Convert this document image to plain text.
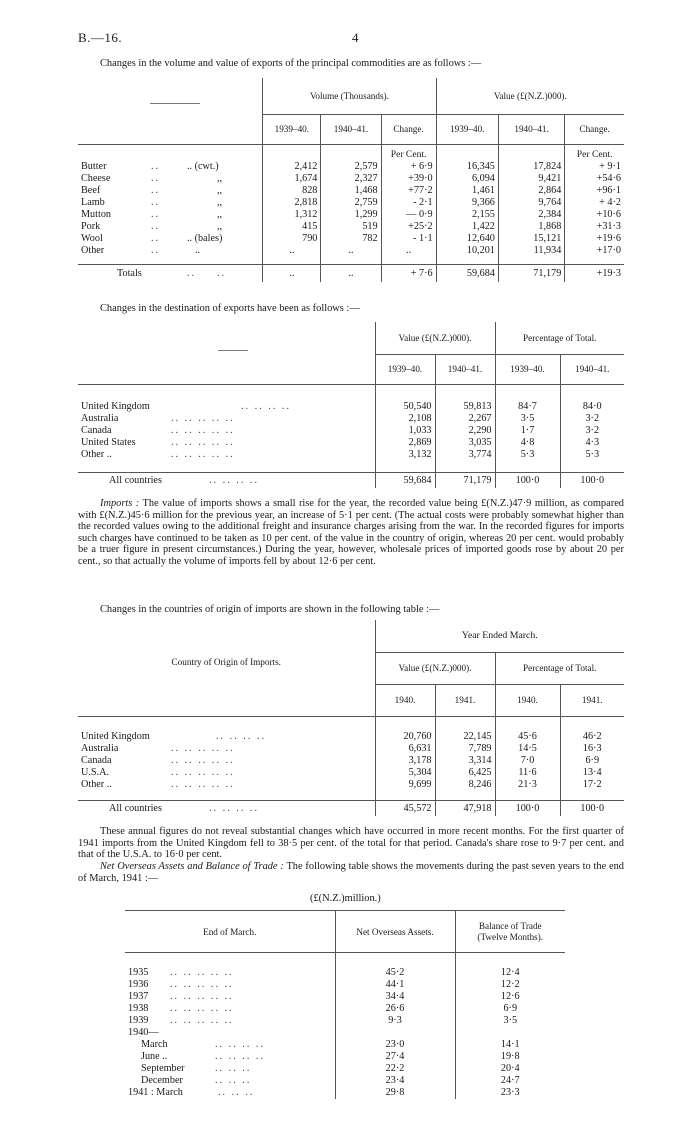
B.—16.	4
Changes in the volume and value of exports of the principal commodities are as follows :—
	Volume (Thousands).			Value (£(N.Z.)000).		
	1939–40.	1940–41.	Change.	1939–40.	1940–41.	Change.
			Per Cent.			Per Cent.
Butter .. .. (cwt.)	2,412	2,579	+ 6·9	16,345	17,824	+ 9·1
Cheese .. ,,	1,674	2,327	+39·0	6,094	9,421	+54·6
Beef .. ,,	828	1,468	+77·2	1,461	2,864	+96·1
Lamb .. ,,	2,818	2,759	- 2·1	9,366	9,764	+ 4·2
Mutton .. ,,	1,312	1,299	— 0·9	2,155	2,384	+10·6
Pork .. ,,	415	519	+25·2	1,422	1,868	+31·3
Wool .. .. (bales)	790	782	- 1·1	12,640	15,121	+19·6
Other .. ..	..	..	..	10,201	11,934	+17·0

Totals .. ..	..	..	+ 7·6	59,684	71,179	+19·3
Changes in the destination of exports have been as follows :—
	Value (£(N.Z.)000).		Percentage of Total.	
	1939–40.	1940–41.	1939–40.	1940–41.

United Kingdom .. .. .. ..	50,540	59,813	84·7	84·0
Australia .. .. .. .. ..	2,108	2,267	3·5	3·2
Canada .. .. .. .. ..	1,033	2,290	1·7	3·2
United States .. .. .. .. ..	2,869	3,035	4·8	4·3
Other .. .. .. .. .. ..	3,132	3,774	5·3	5·3

All countries .. .. .. ..	59,684	71,179	100·0	100·0
Imports : The value of imports shows a small rise for the year, the recorded value being £(N.Z.)47·9 million, as compared with £(N.Z.)45·6 million for the previous year, an increase of 5·1 per cent. (The actual costs were probably somewhat higher than the recorded values owing to the additional freight and insurance charges arising from the war. In the recorded figures for imports such charges have continued to be taken as 10 per cent. of the value in the country of origin, whereas 20 per cent. would probably be a truer figure in present circumstances.) During the year, however, wholesale prices of imported goods rose by about 20 per cent., so that actually the volume of imports fell by about 12·6 per cent.
Changes in the countries of origin of imports are shown in the following table :—
Country of Origin of Imports.	Year Ended March.			
	Value (£(N.Z.)000).		Percentage of Total.	
	1940.	1941.	1940.	1941.

United Kingdom .. .. .. ..	20,760	22,145	45·6	46·2
Australia .. .. .. .. ..	6,631	7,789	14·5	16·3
Canada .. .. .. .. ..	3,178	3,314	7·0	6·9
U.S.A. .. .. .. .. ..	5,304	6,425	11·6	13·4
Other .. .. .. .. .. ..	9,699	8,246	21·3	17·2

All countries .. .. .. ..	45,572	47,918	100·0	100·0
These annual figures do not reveal substantial changes which have occurred in more recent months. For the first quarter of 1941 imports from the United Kingdom fell to 38·5 per cent. of the total for that period. Canada's share rose to 9·7 per cent. and that of the U.S.A. to 16·0 per cent.
Net Overseas Assets and Balance of Trade : The following table shows the movements during the past seven years to the end of March, 1941 :—
(£(N.Z.)million.)
End of March.	Net Overseas Assets.	Balance of Trade
(Twelve Months).

1935 .. .. .. .. ..	45·2	12·4
1936 .. .. .. .. ..	44·1	12·2
1937 .. .. .. .. ..	34·4	12·6
1938 .. .. .. .. ..	26·6	6·9
1939 .. .. .. .. ..	9·3	3·5
1940—		
March .. .. .. ..	23·0	14·1
June .. .. .. .. ..	27·4	19·8
September .. .. ..	22·2	20·4
December .. .. ..	23·4	24·7
1941 : March .. .. ..	29·8	23·3
